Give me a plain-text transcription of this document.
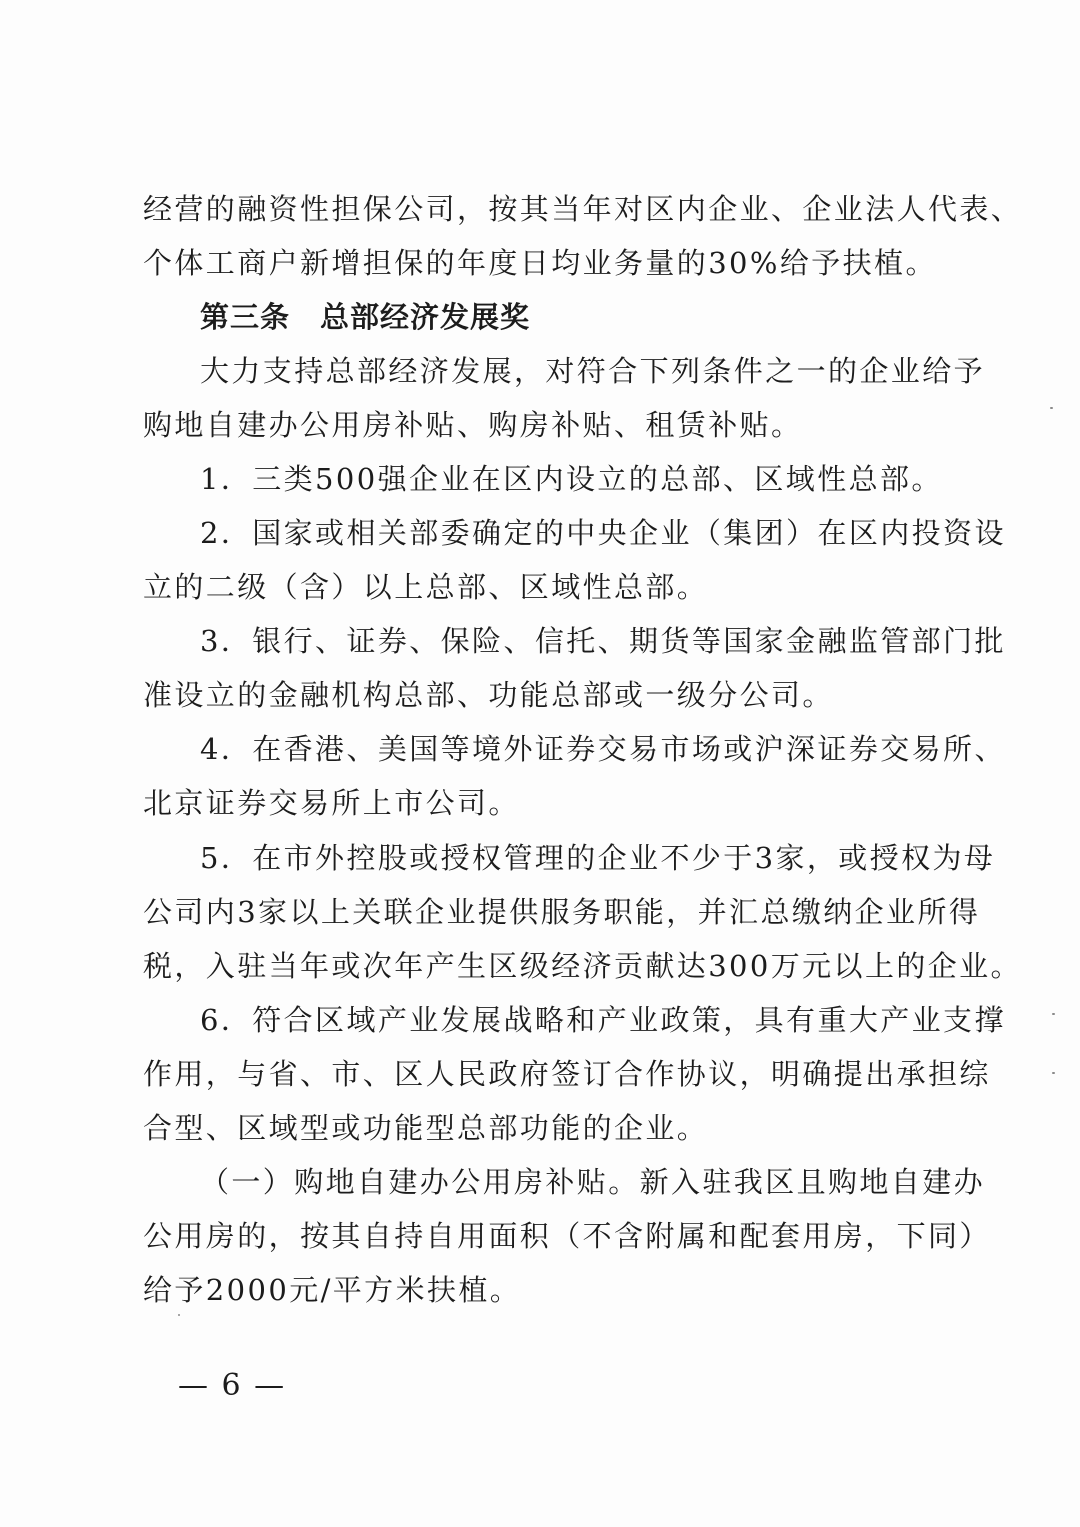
经营的融资性担保公司，按其当年对区内企业、企业法人代表、
个体工商户新增担保的年度日均业务量的30%给予扶植。
第三条 总部经济发展奖
大力支持总部经济发展，对符合下列条件之一的企业给予
购地自建办公用房补贴、购房补贴、租赁补贴。
1．三类500强企业在区内设立的总部、区域性总部。
2．国家或相关部委确定的中央企业（集团）在区内投资设
立的二级（含）以上总部、区域性总部。
3．银行、证券、保险、信托、期货等国家金融监管部门批
准设立的金融机构总部、功能总部或一级分公司。
4．在香港、美国等境外证券交易市场或沪深证券交易所、
北京证券交易所上市公司。
5．在市外控股或授权管理的企业不少于3家，或授权为母
公司内3家以上关联企业提供服务职能，并汇总缴纳企业所得
税，入驻当年或次年产生区级经济贡献达300万元以上的企业。
6．符合区域产业发展战略和产业政策，具有重大产业支撑
作用，与省、市、区人民政府签订合作协议，明确提出承担综
合型、区域型或功能型总部功能的企业。
（一）购地自建办公用房补贴。新入驻我区且购地自建办
公用房的，按其自持自用面积（不含附属和配套用房，下同）
给予2000元/平方米扶植。
— 6 —
